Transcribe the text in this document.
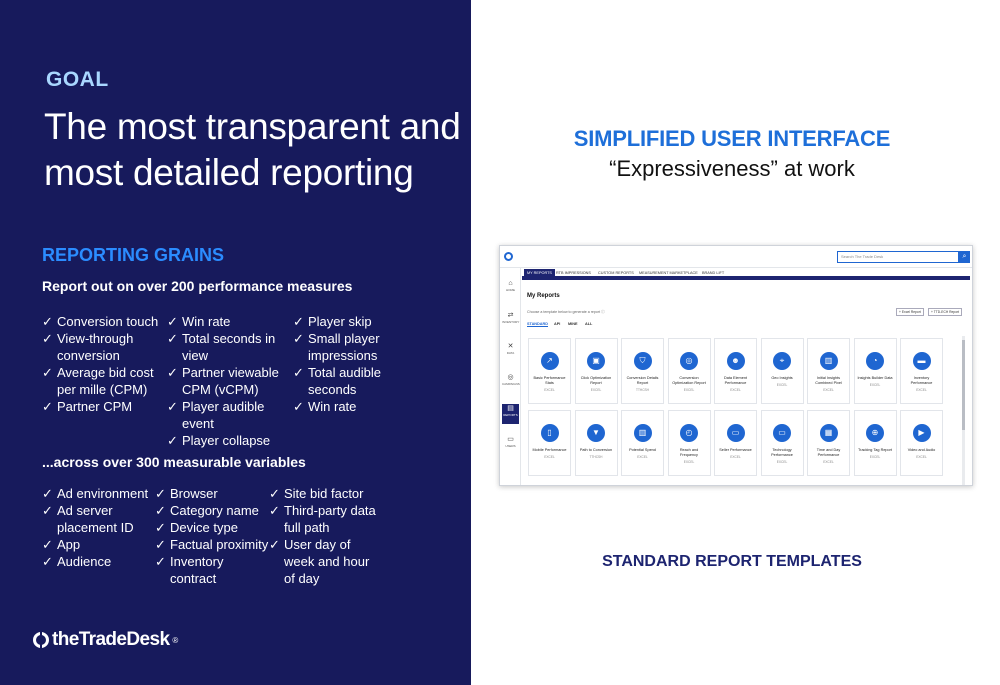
GOAL
The most transparent and most detailed reporting
REPORTING GRAINS
Report out on over 200 performance measures
✓ Conversion touch
✓ View-through conversion
✓ Average bid cost per mille (CPM)
✓ Partner CPM
✓ Win rate
✓ Total seconds in view
✓ Partner viewable CPM (vCPM)
✓ Player audible event
✓ Player collapse
✓ Player skip
✓ Small player impressions
✓ Total audible seconds
✓ Win rate
...across over 300 measurable variables
✓ Ad environment
✓ Ad server placement ID
✓ App
✓ Audience
✓ Browser
✓ Category name
✓ Device type
✓ Factual proximity
✓ Inventory contract
✓ Site bid factor
✓ Third-party data full path
✓ User day of week and hour of day
theTradeDesk ®
SIMPLIFIED USER INTERFACE
“Expressiveness” at work
Search The Trade Desk	⌕
⌂
HOME
⇄
INVENTORY
✕
DATA
◎
CAMPAIGNS
▤
REPORTS
▭
USERS
MY REPORTS	RTB IMPRESSIONS CUSTOM REPORTS MEASUREMENT MARKETPLACE BRAND LIFT
My Reports
Choose a template below to generate a report ⓘ	+ Excel Report	+ TTD-ECH Report
STANDARD API MINE ALL
↗
Basic Performance Stats
EXCEL
▣
Click Optimization Report
EXCEL
⛉
Conversion Details Report
TTHCSH
◎
Conversion Optimization Report
EXCEL
☻
Data Element Performance
EXCEL
⌖
Geo Insights
EXCEL
▥
Initial Insights Combined Pixel
EXCEL
◔
Insights Builder Data
EXCEL
▬
Inventory Performance
EXCEL
▯
Mobile Performance
EXCEL
▼
Path to Conversion
TTHCSH
▥
Potential Spend
EXCEL
◴
Reach and Frequency
EXCEL
▭
Seller Performance
EXCEL
▭
Technology Performance
EXCEL
▦
Time and Day Performance
EXCEL
⊕
Tracking Tag Report
EXCEL
▶
Video and Audio
EXCEL
STANDARD REPORT TEMPLATES
